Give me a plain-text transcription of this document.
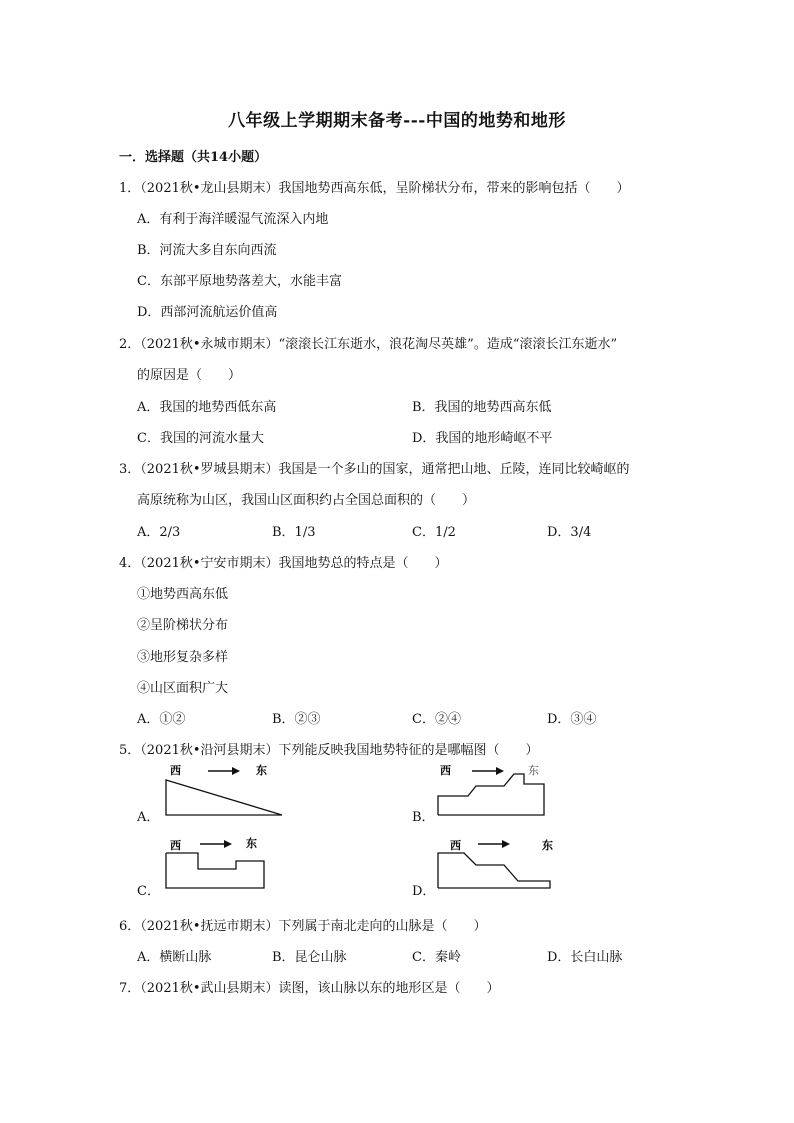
八年级上学期期末备考---中国的地势和地形
一．选择题（共14小题）
1．（2021秋•龙山县期末）我国地势西高东低，呈阶梯状分布，带来的影响包括（　　）
A．有利于海洋暖湿气流深入内地
B．河流大多自东向西流
C．东部平原地势落差大，水能丰富
D．西部河流航运价值高
2．（2021秋•永城市期末）“滚滚长江东逝水，浪花淘尽英雄”。造成“滚滚长江东逝水”
的原因是（　　）
A．我国的地势西低东高	B．我国的地势西高东低
C．我国的河流水量大	D．我国的地形崎岖不平
3．（2021秋•罗城县期末）我国是一个多山的国家，通常把山地、丘陵，连同比较崎岖的
高原统称为山区，我国山区面积约占全国总面积的（　　）
A．2/3	B．1/3	C．1/2	D．3/4
4．（2021秋•宁安市期末）我国地势总的特点是（　　）
①地势西高东低
②呈阶梯状分布
③地形复杂多样
④山区面积广大
A．①②	B．②③	C．②④	D．③④
5．（2021秋•沿河县期末）下列能反映我国地势特征的是哪幅图（　　）
A．
西	东
B．
西	东
C．
西	东
D．
西	东
6．（2021秋•抚远市期末）下列属于南北走向的山脉是（　　）
A．横断山脉	B．昆仑山脉	C．秦岭	D．长白山脉
7．（2021秋•武山县期末）读图，该山脉以东的地形区是（　　）
